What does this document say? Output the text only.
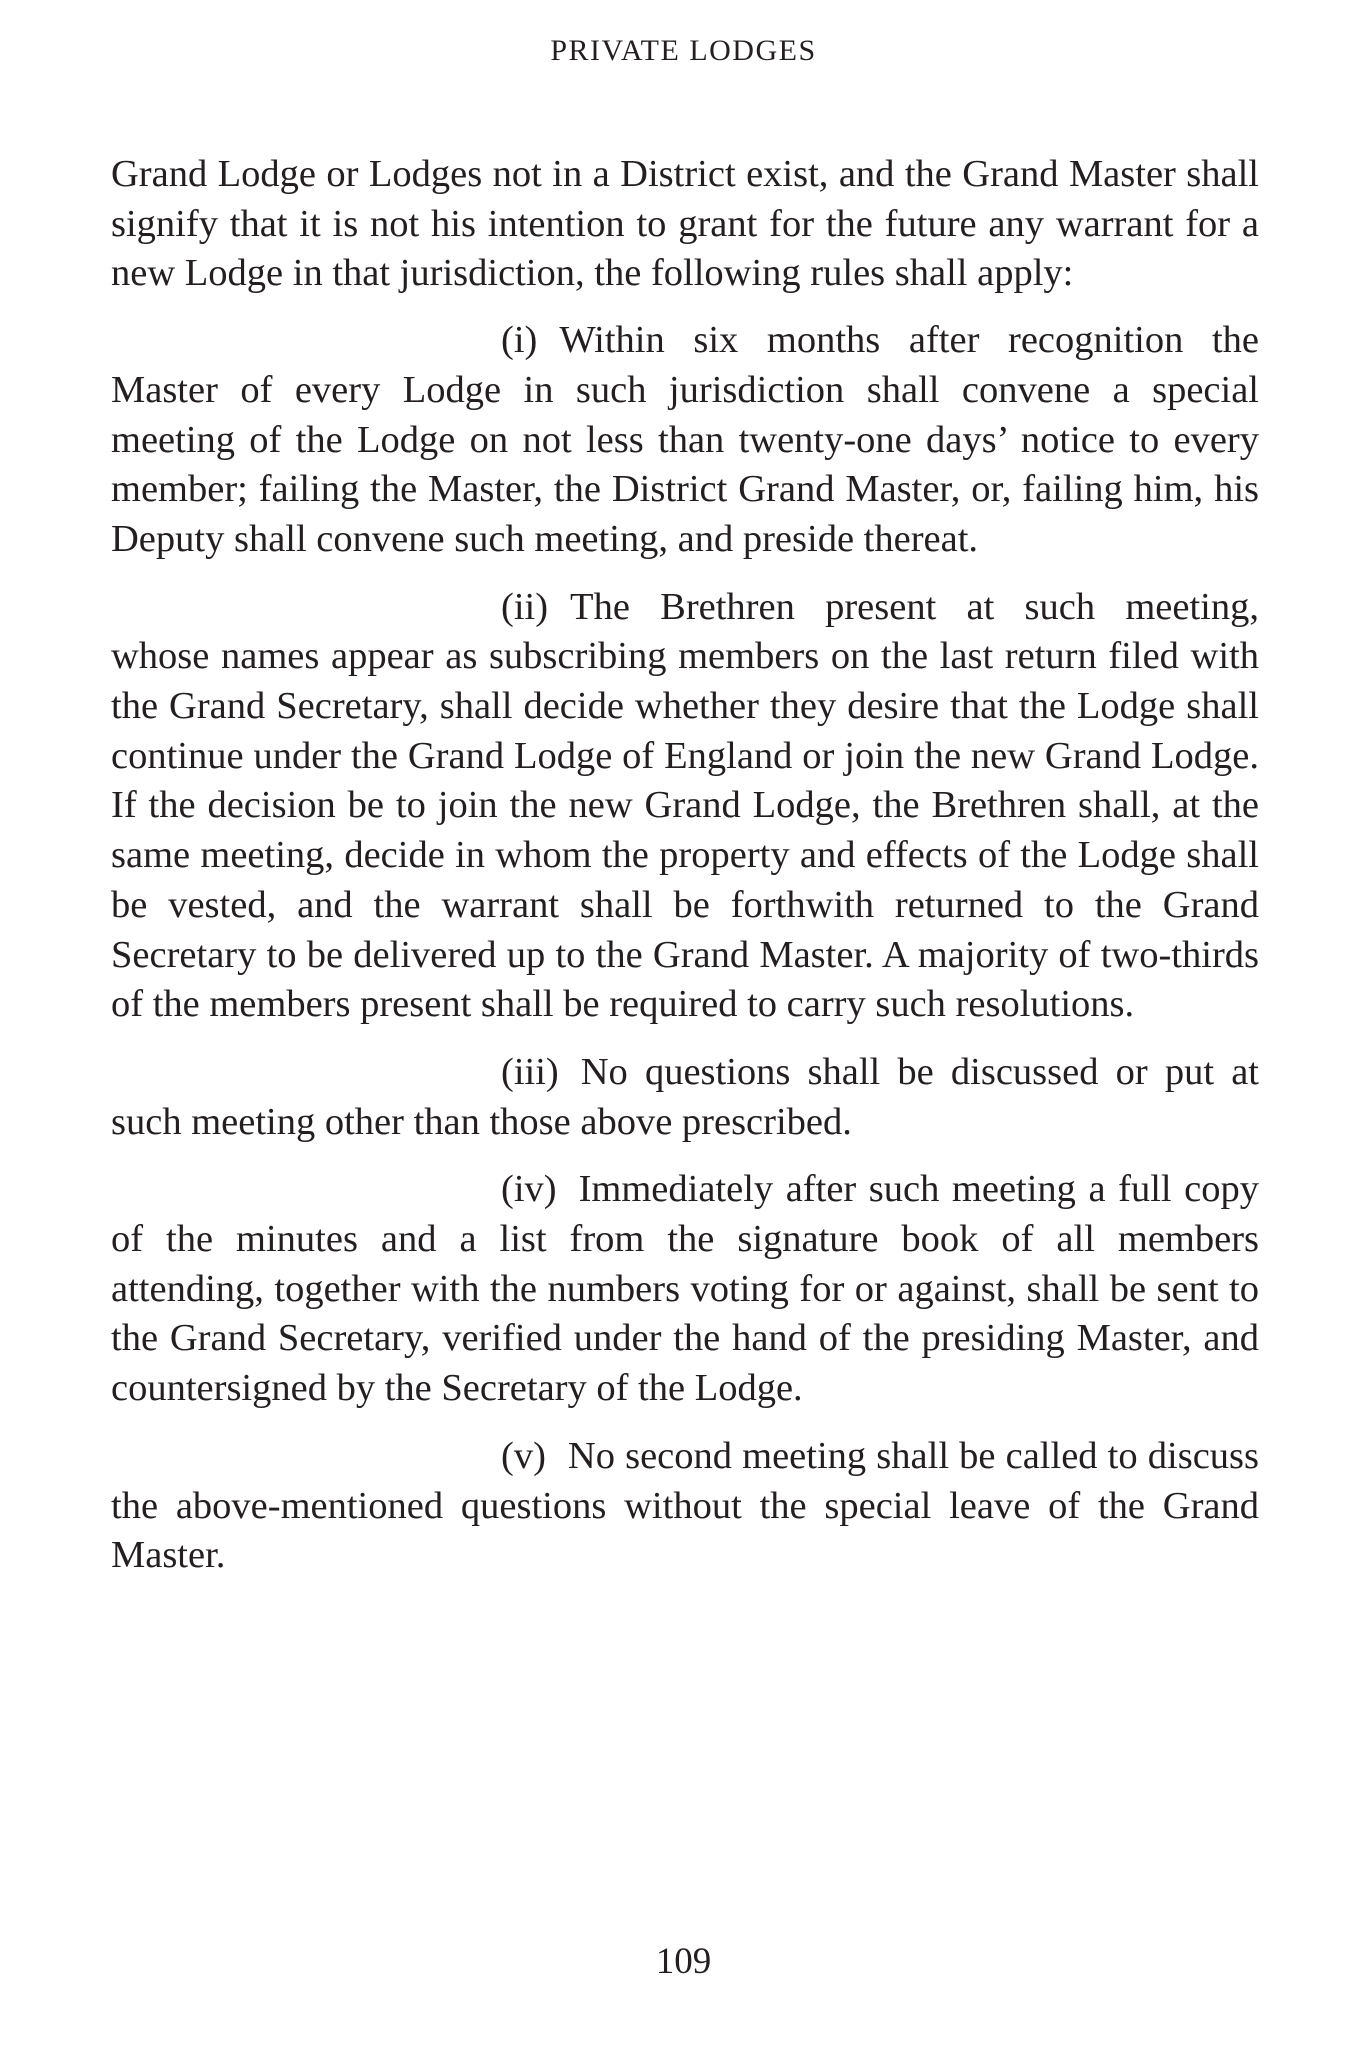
PRIVATE LODGES

Grand Lodge or Lodges not in a District exist, and the Grand Master shall signify that it is not his intention to grant for the future any warrant for a new Lodge in that jurisdiction, the following rules shall apply:

(i) Within six months after recognition the Master of every Lodge in such jurisdiction shall convene a special meeting of the Lodge on not less than twenty-one days’ notice to every member; failing the Master, the District Grand Master, or, failing him, his Deputy shall convene such meeting, and preside thereat.

(ii) The Brethren present at such meeting, whose names appear as subscribing members on the last return filed with the Grand Secretary, shall decide whether they desire that the Lodge shall continue under the Grand Lodge of England or join the new Grand Lodge. If the decision be to join the new Grand Lodge, the Brethren shall, at the same meeting, decide in whom the property and effects of the Lodge shall be vested, and the warrant shall be forthwith returned to the Grand Secretary to be delivered up to the Grand Master. A majority of two-thirds of the members present shall be required to carry such resolutions.

(iii) No questions shall be discussed or put at such meeting other than those above prescribed.

(iv) Immediately after such meeting a full copy of the minutes and a list from the signature book of all members attending, together with the numbers voting for or against, shall be sent to the Grand Secretary, verified under the hand of the presiding Master, and countersigned by the Secretary of the Lodge.

(v) No second meeting shall be called to discuss the above-mentioned questions without the special leave of the Grand Master.

109
